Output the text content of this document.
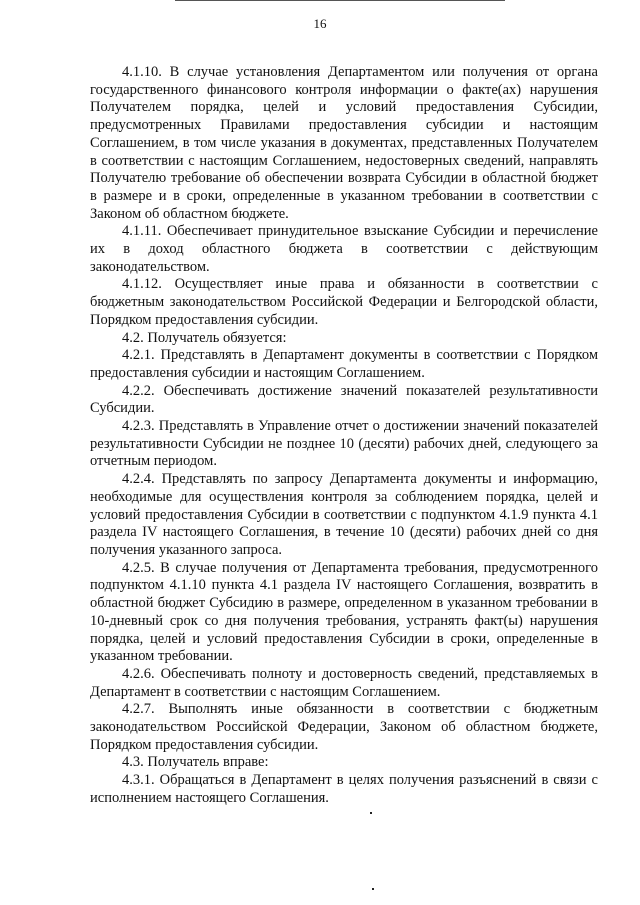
16

4.1.10. В случае установления Департаментом или получения от органа государственного финансового контроля информации о факте(ах) нарушения Получателем порядка, целей и условий предоставления Субсидии, предусмотренных Правилами предоставления субсидии и настоящим Соглашением, в том числе указания в документах, представленных Получателем в соответствии с настоящим Соглашением, недостоверных сведений, направлять Получателю требование об обеспечении возврата Субсидии в областной бюджет в размере и в сроки, определенные в указанном требовании в соответствии с Законом об областном бюджете.

4.1.11. Обеспечивает принудительное взыскание Субсидии и перечисление их в доход областного бюджета в соответствии с действующим законодательством.

4.1.12. Осуществляет иные права и обязанности в соответствии с бюджетным законодательством Российской Федерации и Белгородской области, Порядком предоставления субсидии.

4.2. Получатель обязуется:

4.2.1. Представлять в Департамент документы в соответствии с Порядком предоставления субсидии и настоящим Соглашением.

4.2.2. Обеспечивать достижение значений показателей результативности Субсидии.

4.2.3. Представлять в Управление отчет о достижении значений показателей результативности Субсидии не позднее 10 (десяти) рабочих дней, следующего за отчетным периодом.

4.2.4. Представлять по запросу Департамента документы и информацию, необходимые для осуществления контроля за соблюдением порядка, целей и условий предоставления Субсидии в соответствии с подпунктом 4.1.9 пункта 4.1 раздела IV настоящего Соглашения, в течение 10 (десяти) рабочих дней со дня получения указанного запроса.

4.2.5. В случае получения от Департамента требования, предусмотренного подпунктом 4.1.10 пункта 4.1 раздела IV настоящего Соглашения, возвратить в областной бюджет Субсидию в размере, определенном в указанном требовании в 10-дневный срок со дня получения требования, устранять факт(ы) нарушения порядка, целей и условий предоставления Субсидии в сроки, определенные в указанном требовании.

4.2.6. Обеспечивать полноту и достоверность сведений, представляемых в Департамент в соответствии с настоящим Соглашением.

4.2.7. Выполнять иные обязанности в соответствии с бюджетным законодательством Российской Федерации, Законом об областном бюджете, Порядком предоставления субсидии.

4.3. Получатель вправе:

4.3.1. Обращаться в Департамент в целях получения разъяснений в связи с исполнением настоящего Соглашения.
